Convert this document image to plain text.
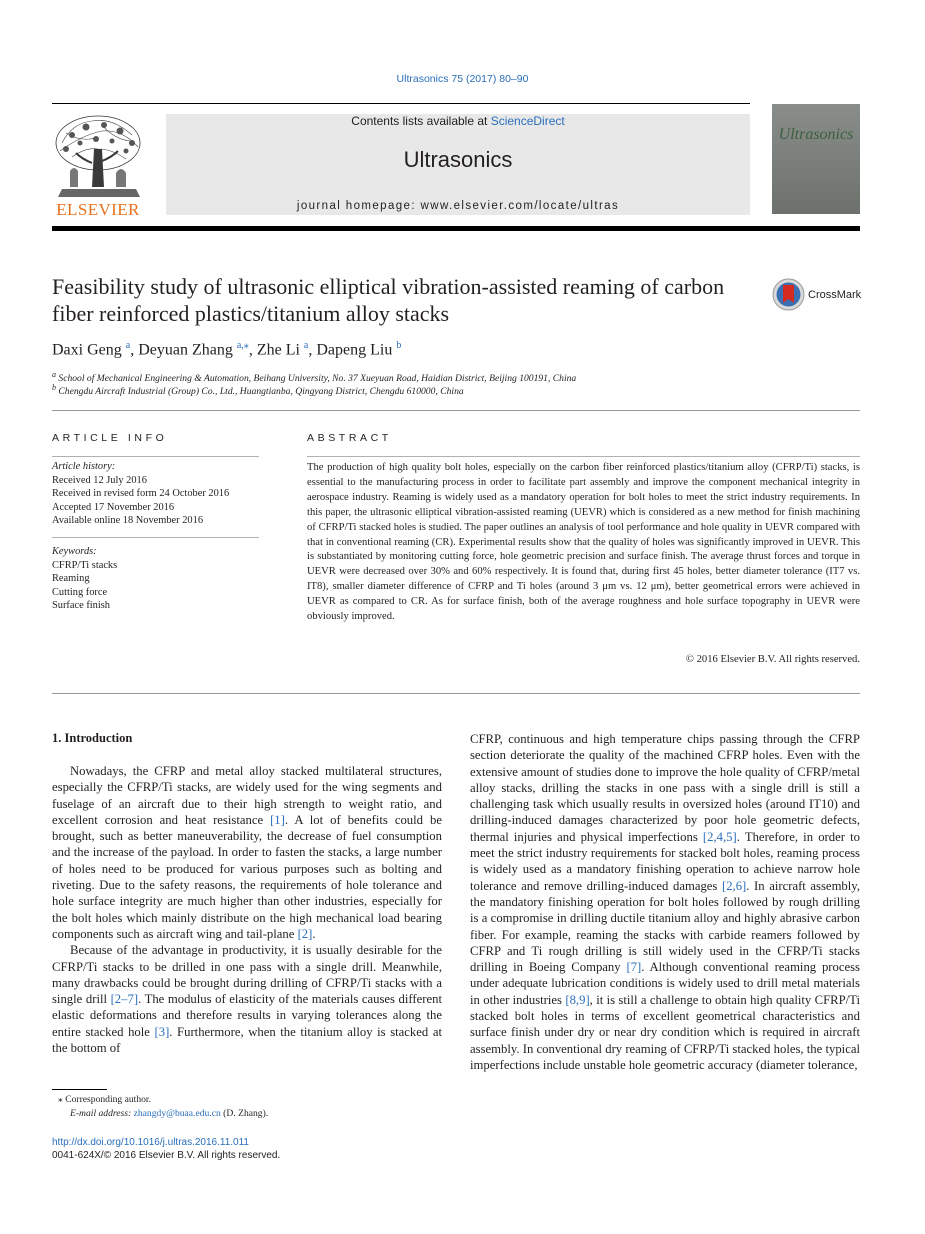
Ultrasonics 75 (2017) 80–90
ELSEVIER
Contents lists available at ScienceDirect
Ultrasonics
journal homepage: www.elsevier.com/locate/ultras
Ultrasonics
Feasibility study of ultrasonic elliptical vibration-assisted reaming of carbon fiber reinforced plastics/titanium alloy stacks
CrossMark
Daxi Geng $^a$, Deyuan Zhang $^{a,⁎}$, Zhe Li $^a$, Dapeng Liu $^b$
$^a$ School of Mechanical Engineering & Automation, Beihang University, No. 37 Xueyuan Road, Haidian District, Beijing 100191, China
$^b$ Chengdu Aircraft Industrial (Group) Co., Ltd., Huangtianba, Qingyang District, Chengdu 610000, China
ARTICLE INFO
Article history:
Received 12 July 2016
Received in revised form 24 October 2016
Accepted 17 November 2016
Available online 18 November 2016
Keywords:
CFRP/Ti stacks
Reaming
Cutting force
Surface finish
ABSTRACT
The production of high quality bolt holes, especially on the carbon fiber reinforced plastics/titanium alloy (CFRP/Ti) stacks, is essential to the manufacturing process in order to facilitate part assembly and improve the component mechanical integrity in aerospace industry. Reaming is widely used as a mandatory operation for bolt holes to meet the strict industry requirements. In this paper, the ultrasonic elliptical vibration-assisted reaming (UEVR) which is considered as a new method for finish machining of CFRP/Ti stacked holes is studied. The paper outlines an analysis of tool performance and hole quality in UEVR compared with that in conventional reaming (CR). Experimental results show that the quality of holes was significantly improved in UEVR. This is substantiated by monitoring cutting force, hole geometric precision and surface finish. The average thrust forces and torque in UEVR were decreased over 30% and 60% respectively. It is found that, during first 45 holes, better diameter tolerance (IT7 vs. IT8), smaller diameter difference of CFRP and Ti holes (around 3 μm vs. 12 μm), better geometrical errors were achieved in UEVR as compared to CR. As for surface finish, both of the average roughness and hole surface topography in UEVR were obviously improved.
© 2016 Elsevier B.V. All rights reserved.
1. Introduction

Nowadays, the CFRP and metal alloy stacked multilateral structures, especially the CFRP/Ti stacks, are widely used for the wing segments and fuselage of an aircraft due to their high strength to weight ratio, and excellent corrosion and heat resistance [1]. A lot of benefits could be brought, such as better maneuverability, the decrease of fuel consumption and the increase of the payload. In order to fasten the stacks, a large number of holes need to be produced for various purposes such as bolting and riveting. Due to the safety reasons, the requirements of hole tolerance and hole surface integrity are much higher than other industries, especially for the bolt holes which mainly distribute on the high mechanical load bearing components such as aircraft wing and tail-plane [2].

Because of the advantage in productivity, it is usually desirable for the CFRP/Ti stacks to be drilled in one pass with a single drill. Meanwhile, many drawbacks could be brought during drilling of CFRP/Ti stacks with a single drill [2–7]. The modulus of elasticity of the materials causes different elastic deformations and therefore results in varying tolerances along the entire stacked hole [3]. Furthermore, when the titanium alloy is stacked at the bottom of

CFRP, continuous and high temperature chips passing through the CFRP section deteriorate the quality of the machined CFRP holes. Even with the extensive amount of studies done to improve the hole quality of CFRP/metal alloy stacks, drilling the stacks in one pass with a single drill is still a challenging task which usually results in oversized holes (around IT10) and drilling-induced damages characterized by poor hole geometric defects, thermal injuries and physical imperfections [2,4,5]. Therefore, in order to meet the strict industry requirements for stacked bolt holes, reaming process is widely used as a mandatory finishing operation to achieve narrow hole tolerance and remove drilling-induced damages [2,6]. In aircraft assembly, the mandatory finishing operation for bolt holes followed by rough drilling is a compromise in drilling ductile titanium alloy and highly abrasive carbon fiber. For example, reaming the stacks with carbide reamers followed by CFRP and Ti rough drilling is still widely used in the CFRP/Ti stacks drilling in Boeing Company [7]. Although conventional reaming process under adequate lubrication conditions is widely used to drill metal materials in other industries [8,9], it is still a challenge to obtain high quality CFRP/Ti stacked bolt holes in terms of excellent geometrical characteristics and surface finish under dry or near dry condition which is required in aircraft assembly. In conventional dry reaming of CFRP/Ti stacked holes, the typical imperfections include unstable hole geometric accuracy (diameter tolerance,

⁎ Corresponding author.
E-mail address: zhangdy@buaa.edu.cn (D. Zhang).
http://dx.doi.org/10.1016/j.ultras.2016.11.011
0041-624X/© 2016 Elsevier B.V. All rights reserved.
